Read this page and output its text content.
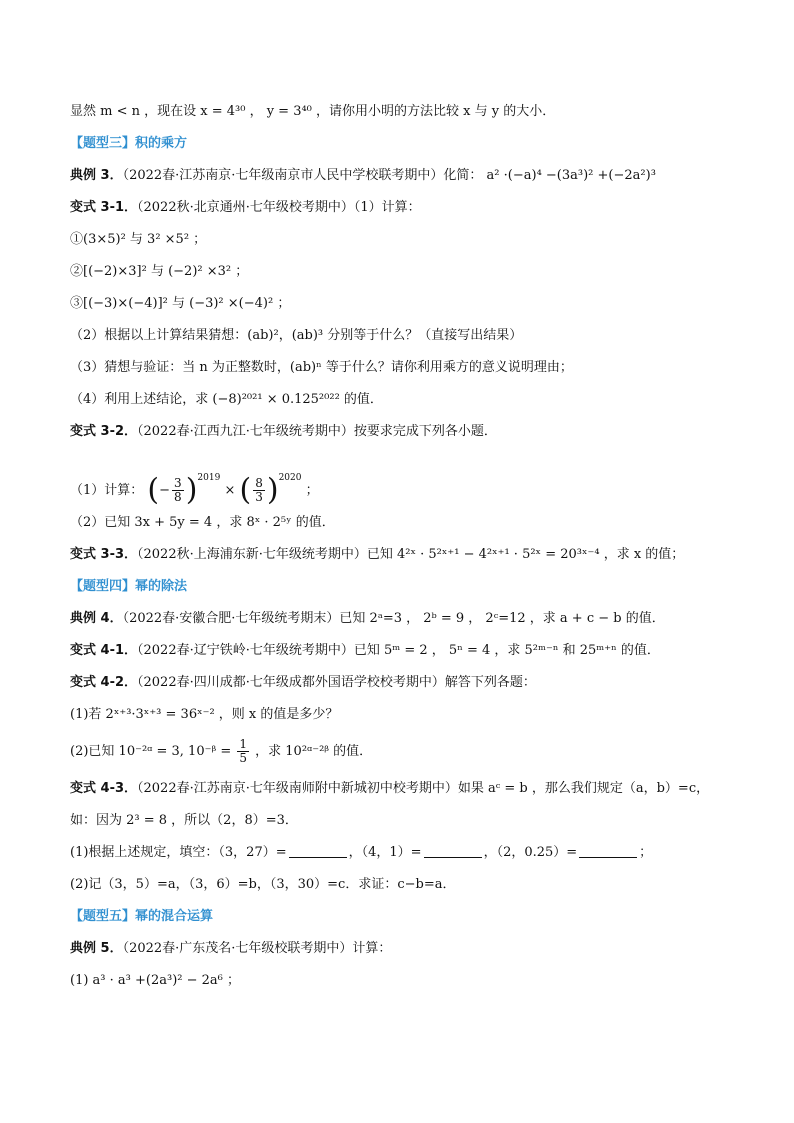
显然 m < n ，现在设 x = 4³⁰ ， y = 3⁴⁰ ，请你用小明的方法比较 x 与 y 的大小．
【题型三】积的乘方
典例 3．（2022春·江苏南京·七年级南京市人民中学校联考期中）化简： a² ·(−a)⁴ −(3a³)² +(−2a²)³
变式 3-1．（2022秋·北京通州·七年级校考期中）（1）计算：
①(3×5)² 与 3² ×5² ；
②[(−2)×3]² 与 (−2)² ×3² ；
③[(−3)×(−4)]² 与 (−3)² ×(−4)² ；
（2）根据以上计算结果猜想：(ab)²，(ab)³ 分别等于什么？（直接写出结果）
（3）猜想与验证：当 n 为正整数时，(ab)ⁿ 等于什么？请你利用乘方的意义说明理由；
（4）利用上述结论，求 (−8)²⁰²¹ × 0.125²⁰²² 的值．
变式 3-2．（2022春·江西九江·七年级统考期中）按要求完成下列各小题．
（1）计算： (− $\frac{3}{8} )^{2019}$ × ( $\frac{8}{3} )^{2020}$ ；
（2）已知 3x + 5y = 4 ，求 8ˣ · 2⁵ʸ 的值．
变式 3-3．（2022秋·上海浦东新·七年级统考期中）已知 4²ˣ · 5²ˣ⁺¹ − 4²ˣ⁺¹ · 5²ˣ = 20³ˣ⁻⁴ ，求 x 的值；
【题型四】幂的除法
典例 4．（2022春·安徽合肥·七年级统考期末）已知 2ᵃ=3 ， 2ᵇ = 9 ， 2ᶜ=12 ，求 a + c − b 的值．
变式 4-1．（2022春·辽宁铁岭·七年级统考期中）已知 5ᵐ = 2 ， 5ⁿ = 4 ，求 5²ᵐ⁻ⁿ 和 25ᵐ⁺ⁿ 的值．
变式 4-2．（2022春·四川成都·七年级成都外国语学校校考期中）解答下列各题：
(1)若 2ˣ⁺³·3ˣ⁺³ = 36ˣ⁻² ，则 x 的值是多少？
(2)已知 10⁻²ᵅ = 3, 10⁻ᵝ = $\frac{1}{5}$ ，求 10²ᵅ⁻²ᵝ 的值．
变式 4-3．（2022春·江苏南京·七年级南师附中新城初中校考期中）如果 aᶜ = b ，那么我们规定（a，b）=c，
如：因为 2³ = 8 ，所以（2，8）=3．
(1)根据上述规定，填空：（3，27）=	，（4，1）=	，（2，0.25）=	；
(2)记（3，5）=a，（3，6）=b，（3，30）=c．求证：c−b=a．
【题型五】幂的混合运算
典例 5．（2022春·广东茂名·七年级校联考期中）计算：
(1) a³ · a³ +(2a³)² − 2a⁶ ；
